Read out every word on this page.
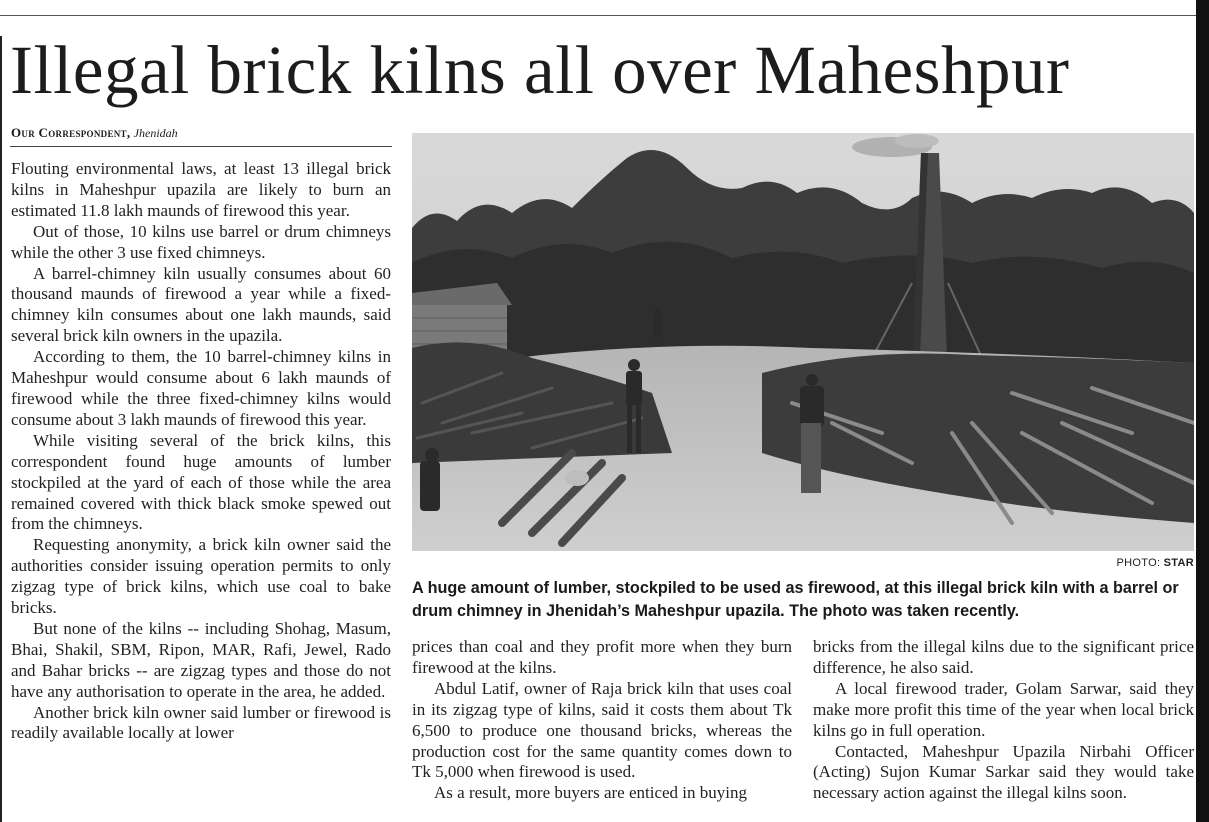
Illegal brick kilns all over Maheshpur
Our Correspondent, Jhenidah

Flouting environmental laws, at least 13 illegal brick kilns in Maheshpur upazila are likely to burn an estimated 11.8 lakh maunds of firewood this year.

Out of those, 10 kilns use barrel or drum chimneys while the other 3 use fixed chimneys.

A barrel-chimney kiln usually consumes about 60 thousand maunds of firewood a year while a fixed-chimney kiln consumes about one lakh maunds, said several brick kiln owners in the upazila.

According to them, the 10 barrel-chimney kilns in Maheshpur would consume about 6 lakh maunds of firewood while the three fixed-chimney kilns would consume about 3 lakh maunds of firewood this year.

While visiting several of the brick kilns, this correspondent found huge amounts of lumber stockpiled at the yard of each of those while the area remained covered with thick black smoke spewed out from the chimneys.

Requesting anonymity, a brick kiln owner said the authorities consider issuing operation permits to only zigzag type of brick kilns, which use coal to bake bricks.

But none of the kilns -- including Shohag, Masum, Bhai, Shakil, SBM, Ripon, MAR, Rafi, Jewel, Rado and Bahar bricks -- are zigzag types and those do not have any authorisation to operate in the area, he added.

Another brick kiln owner said lumber or firewood is readily available locally at lower

PHOTO: STAR
A huge amount of lumber, stockpiled to be used as firewood, at this illegal brick kiln with a barrel or drum chimney in Jhenidah’s Maheshpur upazila. The photo was taken recently.

prices than coal and they profit more when they burn firewood at the kilns.

Abdul Latif, owner of Raja brick kiln that uses coal in its zigzag type of kilns, said it costs them about Tk 6,500 to produce one thousand bricks, whereas the production cost for the same quantity comes down to Tk 5,000 when firewood is used.

As a result, more buyers are enticed in buying

bricks from the illegal kilns due to the significant price difference, he also said.

A local firewood trader, Golam Sarwar, said they make more profit this time of the year when local brick kilns go in full operation.

Contacted, Maheshpur Upazila Nirbahi Officer (Acting) Sujon Kumar Sarkar said they would take necessary action against the illegal kilns soon.
